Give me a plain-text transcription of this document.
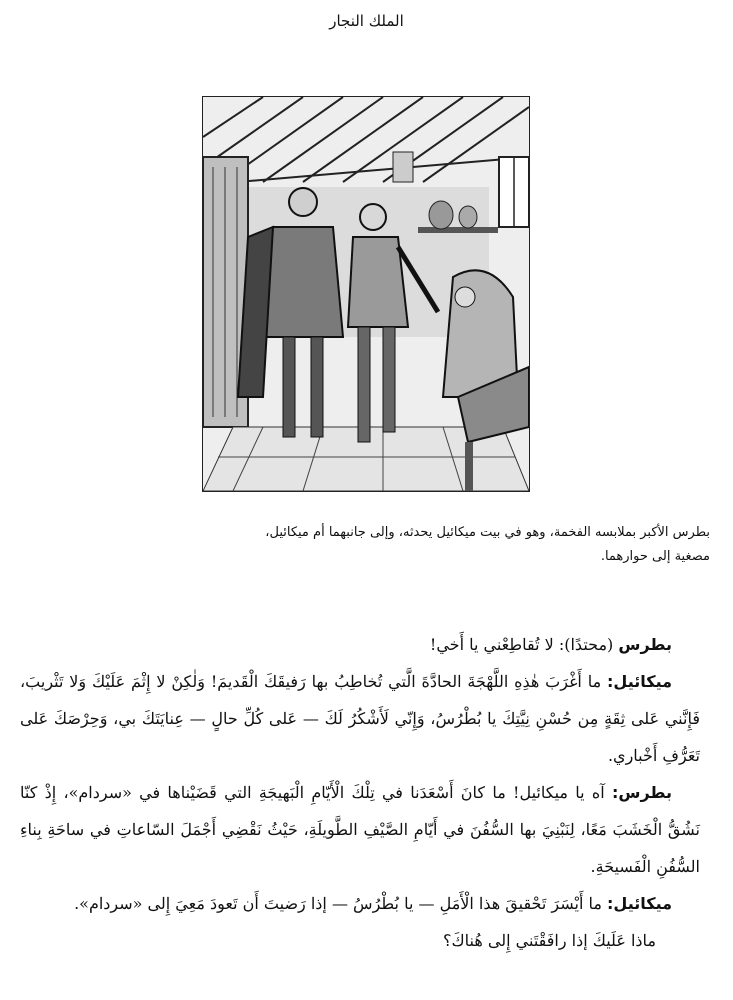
الملك النجار

بطرس الأكبر بملابسه الفخمة، وهو في بيت ميكائيل يحدثه، وإلى جانبهما أم ميكائيل،

مصغية إلى حوارهما.

بطرس (محتدًا): لا تُقاطِعْني يا أَخي!

ميكائيل: ما أَغْرَبَ هٰذِهِ اللَّهْجَةَ الحادَّةَ الَّتي تُخاطِبُ بها رَفيقَكَ الْقَديمَ! وَلٰكِنْ لا إِثْمَ عَلَيْكَ وَلا تَثْريبَ، فَإِنَّني عَلى ثِقَةٍ مِن حُسْنِ نِيَّتِكَ يا بُطْرُسُ، وَإِنّي لَأَشْكُرُ لَكَ — عَلى كُلِّ حالٍ — عِنايَتَكَ بي، وَحِرْصَكَ عَلى تَعَرُّفِ أَخْباري.

بطرس: آه يا ميكائيل! ما كانَ أَسْعَدَنا في تِلْكَ الْأَيّامِ الْبَهيجَةِ التي قَضَيْناها في «سردام»، إِذْ كنّا نَشُقُّ الْخَشَبَ مَعًا، لِنَبْنِيَ بها السُّفُنَ في أَيّامِ الصَّيْفِ الطَّويلَةِ، حَيْثُ نَقْضِي أَجْمَلَ السّاعاتِ في ساحَةِ بِناءِ السُّفُنِ الْفَسيحَةِ.

ميكائيل: ما أَيْسَرَ تَحْقيقَ هذا الْأَمَلِ — يا بُطْرُسُ — إذا رَضيتَ أَن تَعودَ مَعِيَ إِلى «سردام».

ماذا عَلَيكَ إذا رافَقْتَني إِلى هُناكَ؟
